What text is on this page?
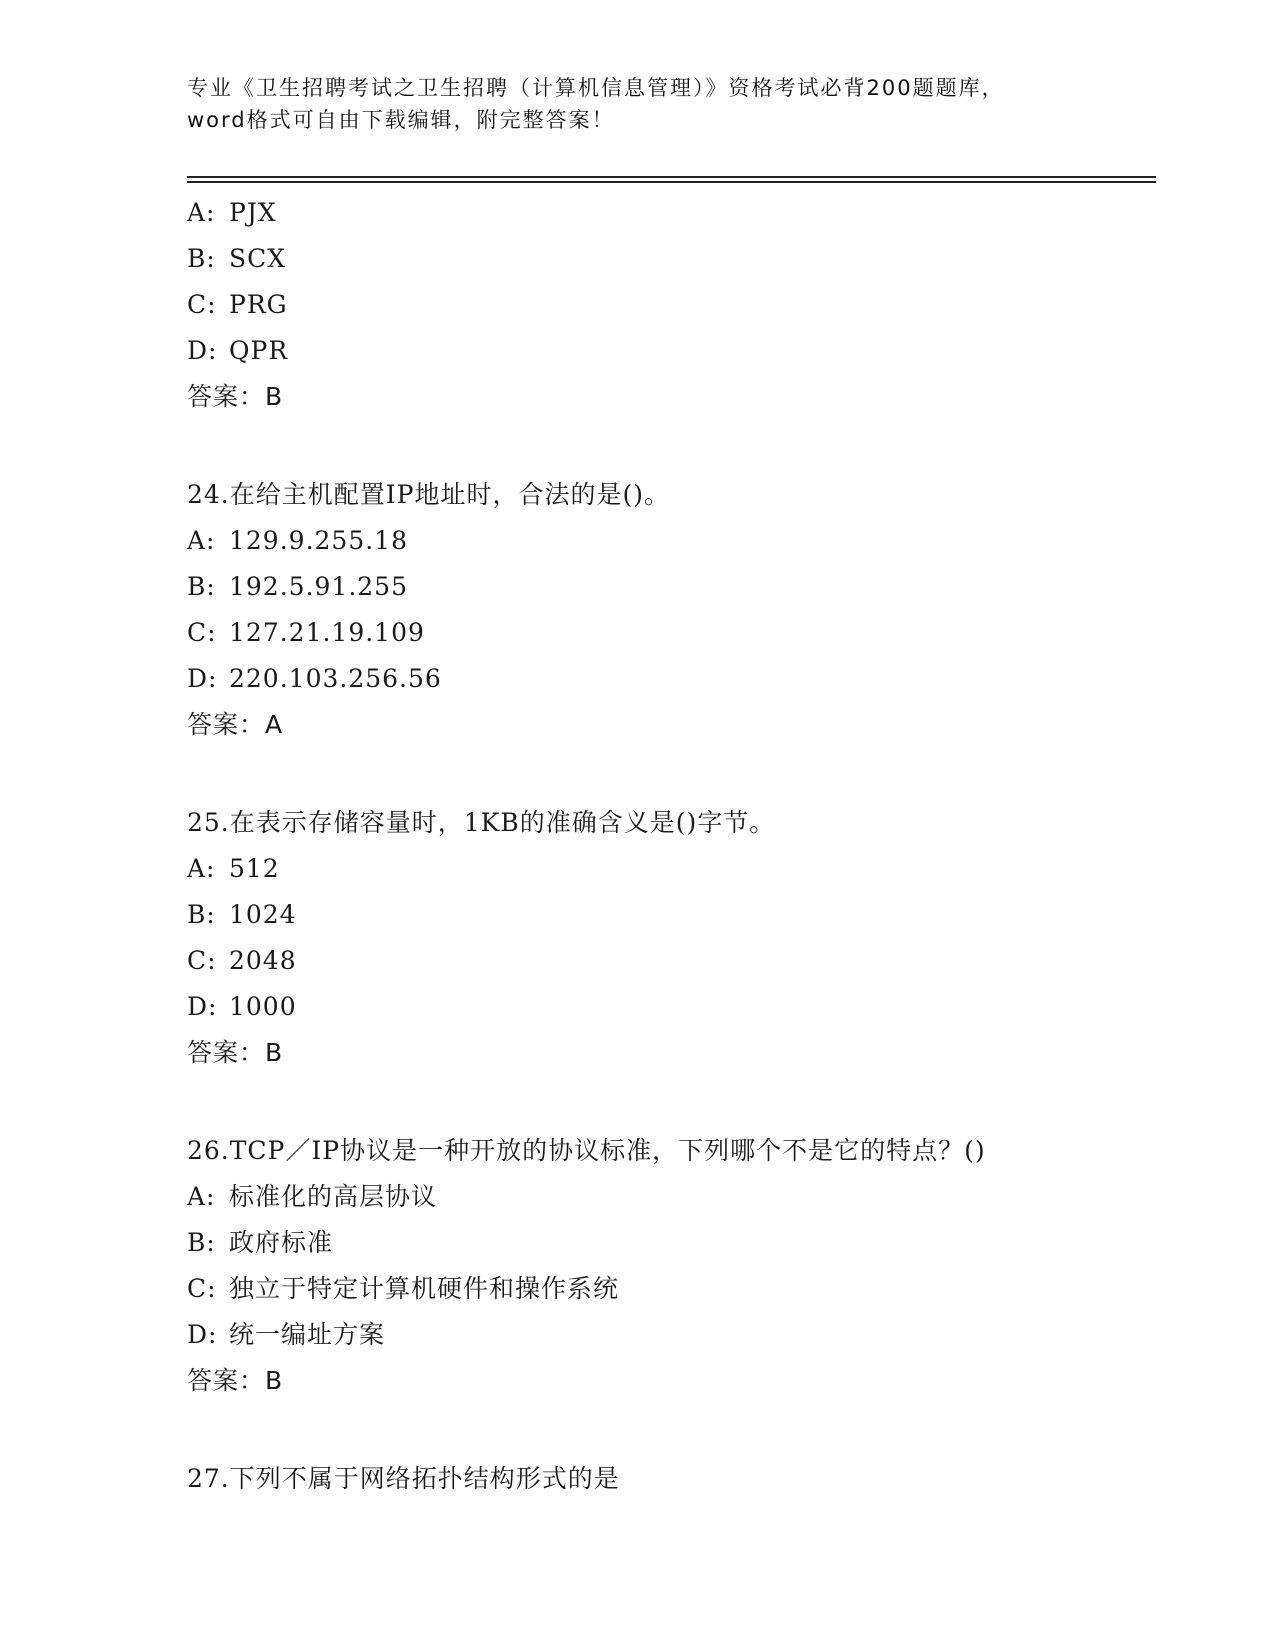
专业《卫生招聘考试之卫生招聘（计算机信息管理）》资格考试必背200题题库，
word格式可自由下载编辑，附完整答案！
A: PJX
B: SCX
C: PRG
D: QPR
答案：B
24.在给主机配置IP地址时，合法的是()。
A: 129.9.255.18
B: 192.5.91.255
C: 127.21.19.109
D: 220.103.256.56
答案：A
25.在表示存储容量时，1KB的准确含义是()字节。
A: 512
B: 1024
C: 2048
D: 1000
答案：B
26.TCP／IP协议是一种开放的协议标准，下列哪个不是它的特点？()
A: 标准化的高层协议
B: 政府标准
C: 独立于特定计算机硬件和操作系统
D: 统一编址方案
答案：B
27.下列不属于网络拓扑结构形式的是
